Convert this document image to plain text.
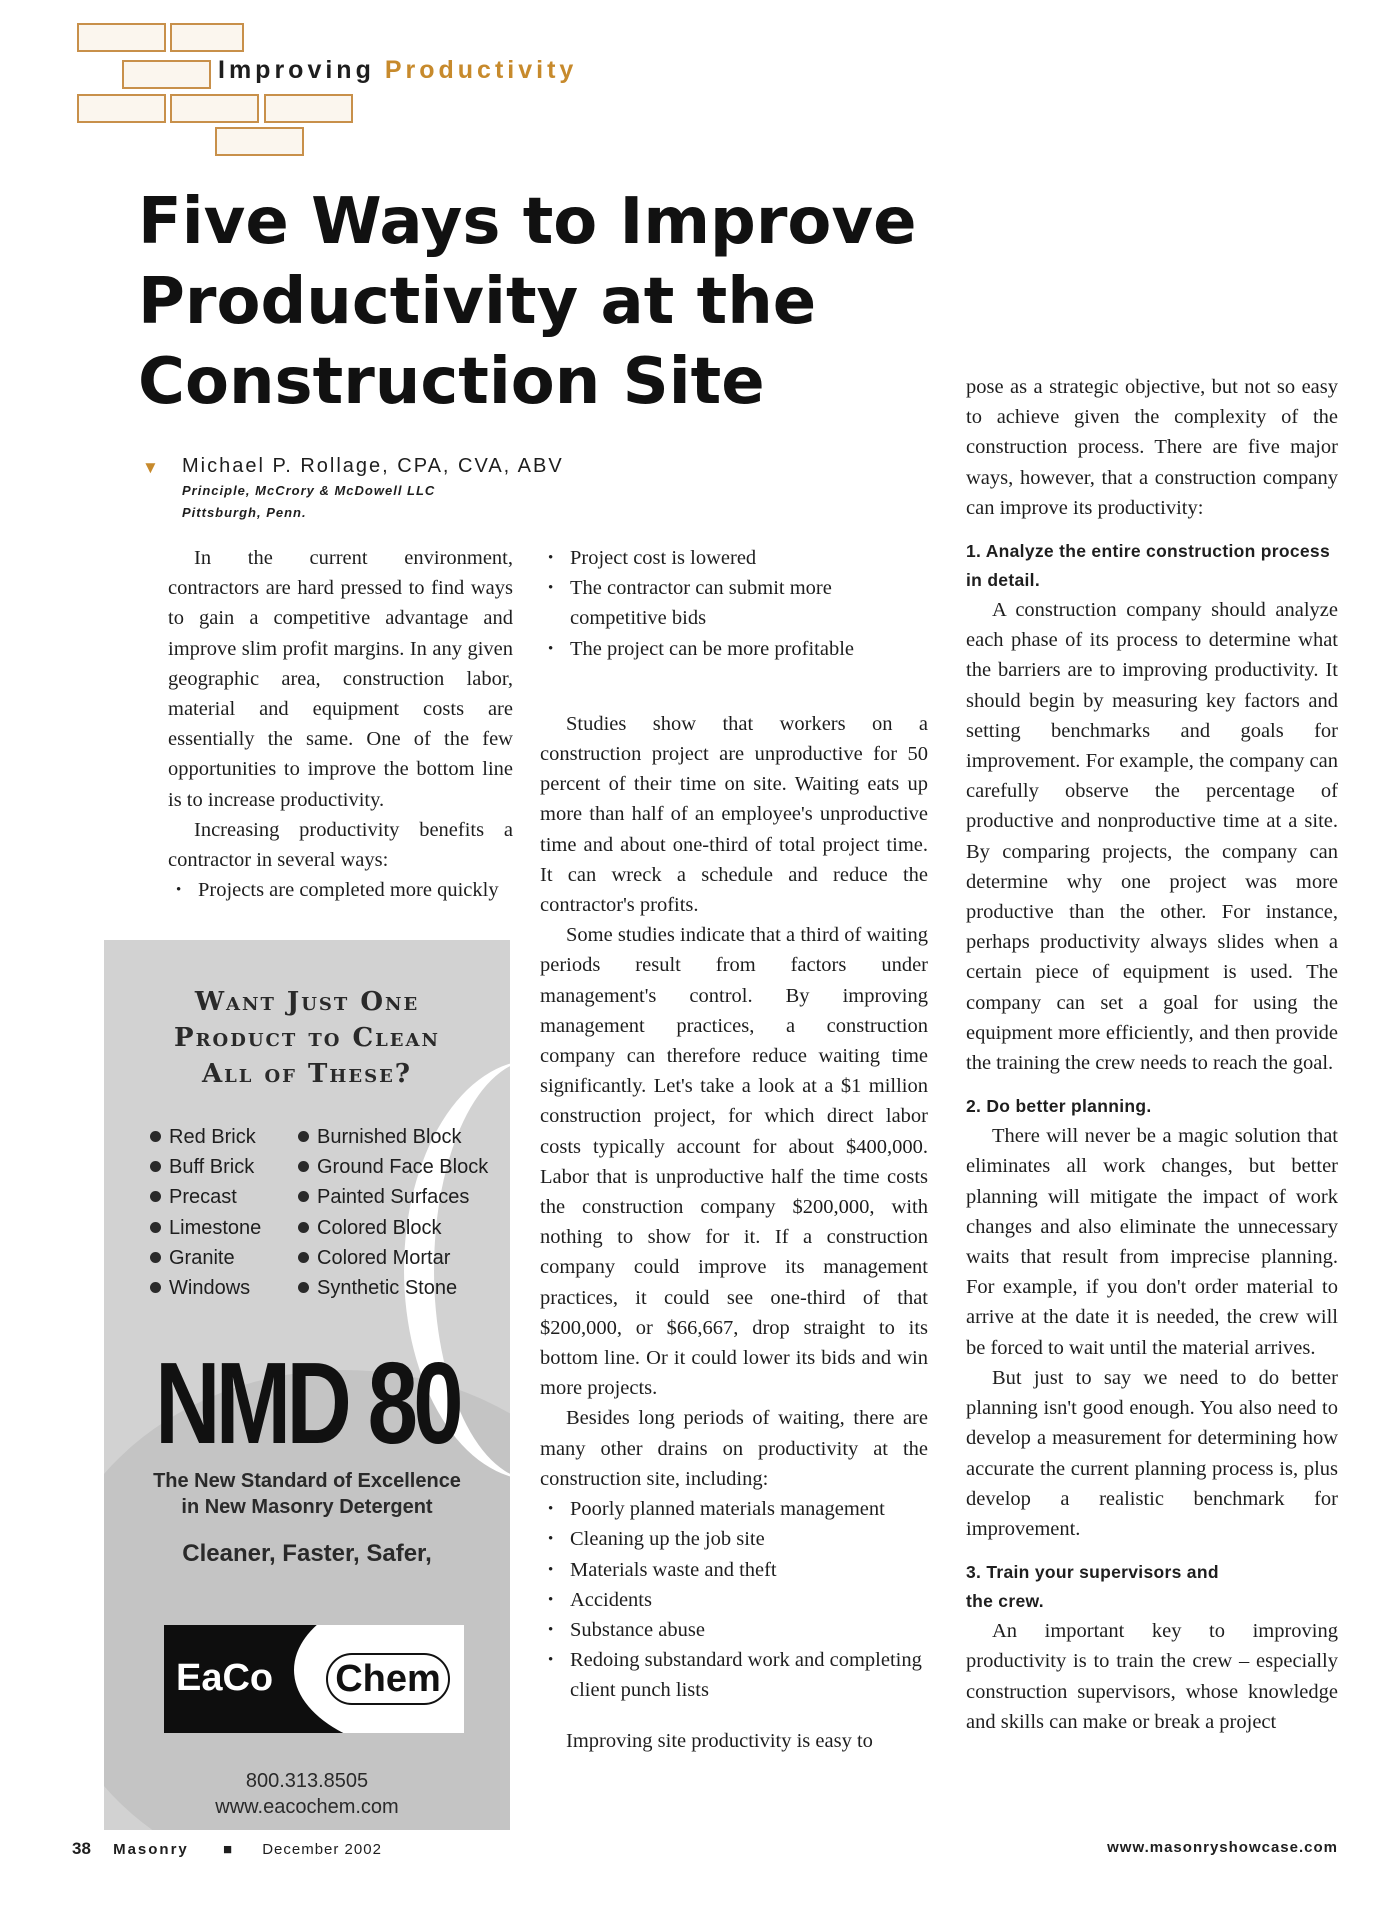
Improving Productivity
Five Ways to Improve
Productivity at the
Construction Site
▼ Michael P. Rollage, CPA, CVA, ABV
Principle, McCrory & McDowell LLC
Pittsburgh, Penn.

In the current environment, contractors are hard pressed to find ways to gain a competitive advantage and improve slim profit margins. In any given geographic area, construction labor, material and equipment costs are essentially the same. One of the few opportunities to improve the bottom line is to increase productivity.

Increasing productivity benefits a contractor in several ways:

• Projects are completed more quickly
Want Just One
Product to Clean
All of These?
Red Brick
Buff Brick
Precast
Limestone
Granite
Windows
Burnished Block
Ground Face Block
Painted Surfaces
Colored Block
Colored Mortar
Synthetic Stone
NMD 80
The New Standard of Excellence
in New Masonry Detergent
Cleaner, Faster, Safer,
EaCo Chem
800.313.8505
www.eacochem.com
• Project cost is lowered
• The contractor can submit more competitive bids
• The project can be more profitable

Studies show that workers on a construction project are unproductive for 50 percent of their time on site. Waiting eats up more than half of an employee's unproductive time and about one-third of total project time. It can wreck a schedule and reduce the contractor's profits.

Some studies indicate that a third of waiting periods result from factors under management's control. By improving management practices, a construction company can therefore reduce waiting time significantly. Let's take a look at a $1 million construction project, for which direct labor costs typically account for about $400,000. Labor that is unproductive half the time costs the construction company $200,000, with nothing to show for it. If a construction company could improve its management practices, it could see one-third of that $200,000, or $66,667, drop straight to its bottom line. Or it could lower its bids and win more projects.

Besides long periods of waiting, there are many other drains on productivity at the construction site, including:

• Poorly planned materials management
• Cleaning up the job site
• Materials waste and theft
• Accidents
• Substance abuse
• Redoing substandard work and completing client punch lists

Improving site productivity is easy to

pose as a strategic objective, but not so easy to achieve given the complexity of the construction process. There are five major ways, however, that a construction company can improve its productivity:

1. Analyze the entire construction process in detail.

A construction company should analyze each phase of its process to determine what the barriers are to improving productivity. It should begin by measuring key factors and setting benchmarks and goals for improvement. For example, the company can carefully observe the percentage of productive and nonproductive time at a site. By comparing projects, the company can determine why one project was more productive than the other. For instance, perhaps productivity always slides when a certain piece of equipment is used. The company can set a goal for using the equipment more efficiently, and then provide the training the crew needs to reach the goal.

2. Do better planning.

There will never be a magic solution that eliminates all work changes, but better planning will mitigate the impact of work changes and also eliminate the unnecessary waits that result from imprecise planning. For example, if you don't order material to arrive at the date it is needed, the crew will be forced to wait until the material arrives.

But just to say we need to do better planning isn't good enough. You also need to develop a measurement for determining how accurate the current planning process is, plus develop a realistic benchmark for improvement.

3. Train your supervisors and the crew.

An important key to improving productivity is to train the crew – especially construction supervisors, whose knowledge and skills can make or break a project

38 Masonry ■ December 2002	www.masonryshowcase.com
